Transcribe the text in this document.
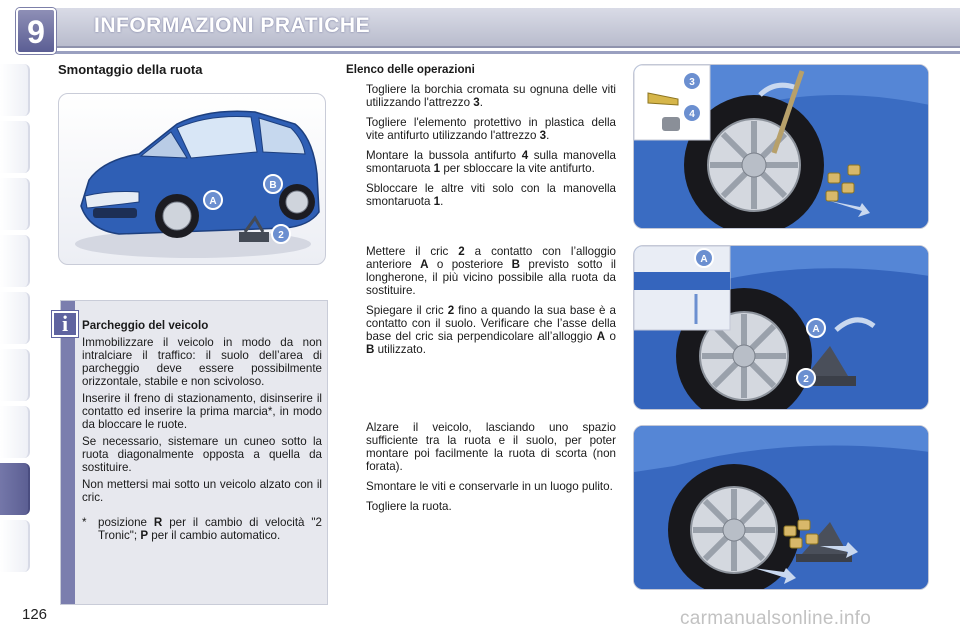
9	INFORMAZIONI PRATICHE
Smontaggio della ruota
A
B
2
i	Parcheggio del veicolo

Immobilizzare il veicolo in modo da non intralciare il traffico: il suolo dell’area di parcheggio deve essere possibilmente orizzontale, stabile e non scivoloso.

Inserire il freno di stazionamento, disinserire il contatto ed inserire la prima marcia*, in modo da bloccare le ruote.

Se necessario, sistemare un cuneo sotto la ruota diagonalmente opposta a quella da sostituire.

Non mettersi mai sotto un veicolo alzato con il cric.

* posizione R per il cambio di velocità "2 Tronic"; P per il cambio automatico.
Elenco delle operazioni
Togliere la borchia cromata su ognuna delle viti utilizzando l'attrezzo 3.
Togliere l'elemento protettivo in plastica della vite antifurto utilizzando l'attrezzo 3.
Montare la bussola antifurto 4 sulla manovella smontaruota 1 per sbloccare la vite antifurto.
Sbloccare le altre viti solo con la manovella smontaruota 1.
Mettere il cric 2 a contatto con l’alloggio anteriore A o posteriore B previsto sotto il longherone, il più vicino possibile alla ruota da sostituire.
Spiegare il cric 2 fino a quando la sua base è a contatto con il suolo. Verificare che l’asse della base del cric sia perpendicolare all’alloggio A o B utilizzato.
Alzare il veicolo, lasciando uno spazio sufficiente tra la ruota e il suolo, per poter montare poi facilmente la ruota di scorta (non forata).
Smontare le viti e conservarle in un luogo pulito.
Togliere la ruota.
3
4
A
A
2
126	carmanualsonline.info
